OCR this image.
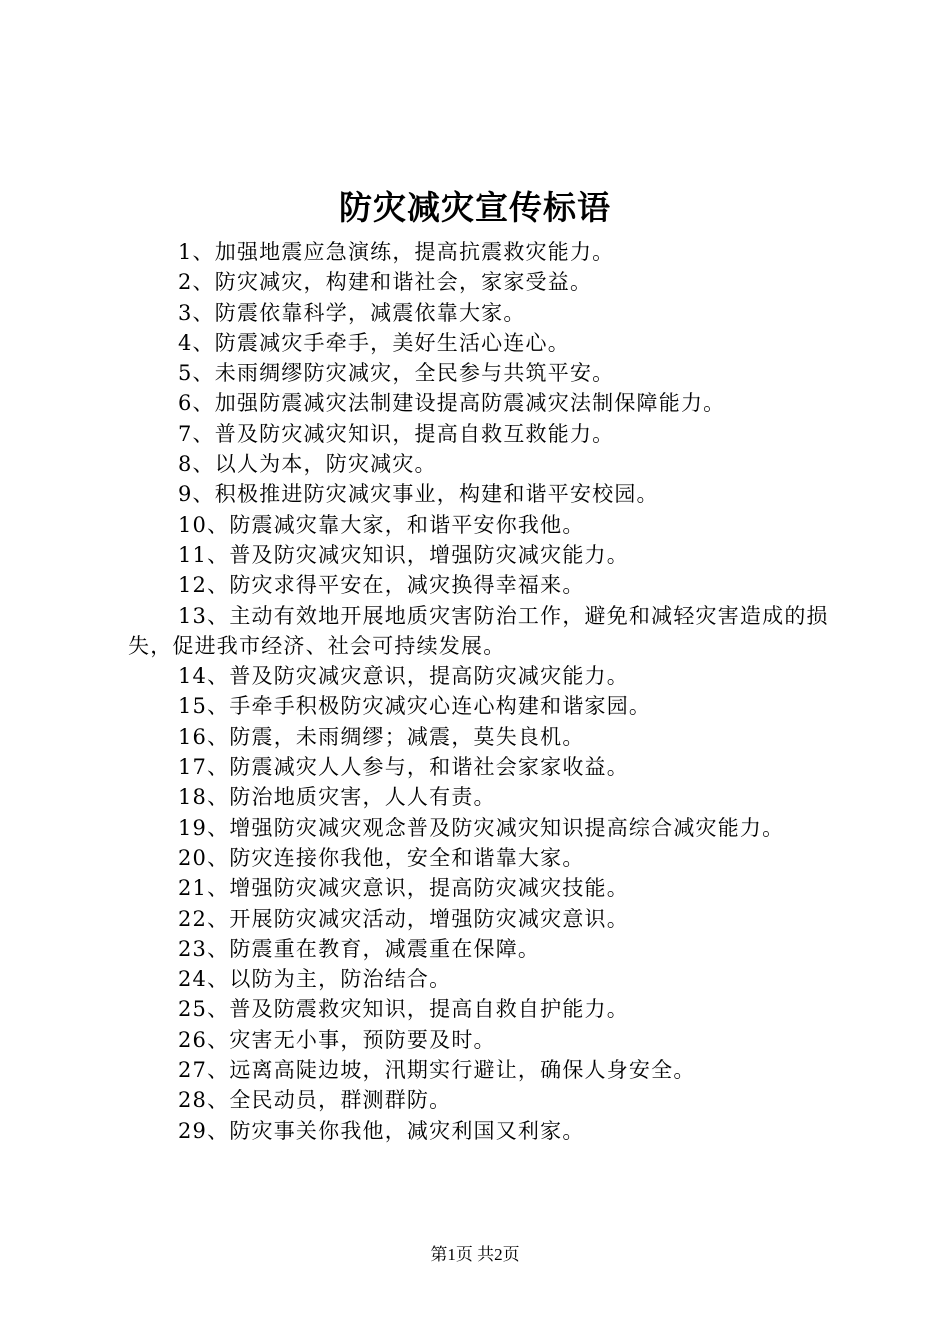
防灾减灾宣传标语

1、加强地震应急演练，提高抗震救灾能力。

2、防灾减灾，构建和谐社会，家家受益。

3、防震依靠科学，减震依靠大家。

4、防震减灾手牵手，美好生活心连心。

5、未雨绸缪防灾减灾，全民参与共筑平安。

6、加强防震减灾法制建设提高防震减灾法制保障能力。

7、普及防灾减灾知识，提高自救互救能力。

8、以人为本，防灾减灾。

9、积极推进防灾减灾事业，构建和谐平安校园。

10、防震减灾靠大家，和谐平安你我他。

11、普及防灾减灾知识，增强防灾减灾能力。

12、防灾求得平安在，减灾换得幸福来。

13、主动有效地开展地质灾害防治工作，避免和减轻灾害造成的损失，促进我市经济、社会可持续发展。

14、普及防灾减灾意识，提高防灾减灾能力。

15、手牵手积极防灾减灾心连心构建和谐家园。

16、防震，未雨绸缪；减震，莫失良机。

17、防震减灾人人参与，和谐社会家家收益。

18、防治地质灾害，人人有责。

19、增强防灾减灾观念普及防灾减灾知识提高综合减灾能力。

20、防灾连接你我他，安全和谐靠大家。

21、增强防灾减灾意识，提高防灾减灾技能。

22、开展防灾减灾活动，增强防灾减灾意识。

23、防震重在教育，减震重在保障。

24、以防为主，防治结合。

25、普及防震救灾知识，提高自救自护能力。

26、灾害无小事，预防要及时。

27、远离高陡边坡，汛期实行避让，确保人身安全。

28、全民动员，群测群防。

29、防灾事关你我他，减灾利国又利家。

第1页 共2页
